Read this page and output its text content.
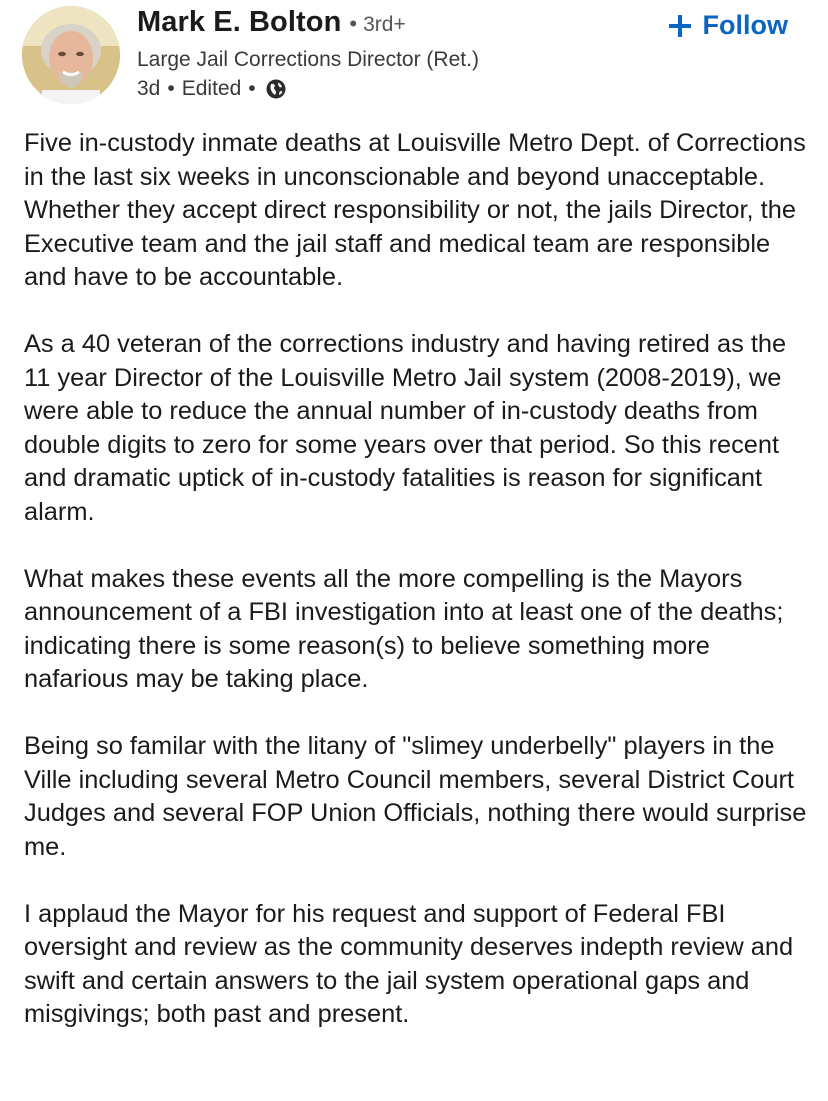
Mark E. Bolton • 3rd+
Large Jail Corrections Director (Ret.)
3d • Edited •
Follow

Five in-custody inmate deaths at Louisville Metro Dept. of Corrections in the last six weeks in unconscionable and beyond unacceptable. Whether they accept direct responsibility or not, the jails Director, the Executive team and the jail staff and medical team are responsible and have to be accountable.

As a 40 veteran of the corrections industry and having retired as the 11 year Director of the Louisville Metro Jail system (2008-2019), we were able to reduce the annual number of in-custody deaths from double digits to zero for some years over that period. So this recent and dramatic uptick of in-custody fatalities is reason for significant alarm.

What makes these events all the more compelling is the Mayors announcement of a FBI investigation into at least one of the deaths; indicating there is some reason(s) to believe something more nafarious may be taking place.

Being so familar with the litany of "slimey underbelly" players in the Ville including several Metro Council members, several District Court Judges and several FOP Union Officials, nothing there would surprise me.

I applaud the Mayor for his request and support of Federal FBI oversight and review as the community deserves indepth review and swift and certain answers to the jail system operational gaps and misgivings; both past and present.
